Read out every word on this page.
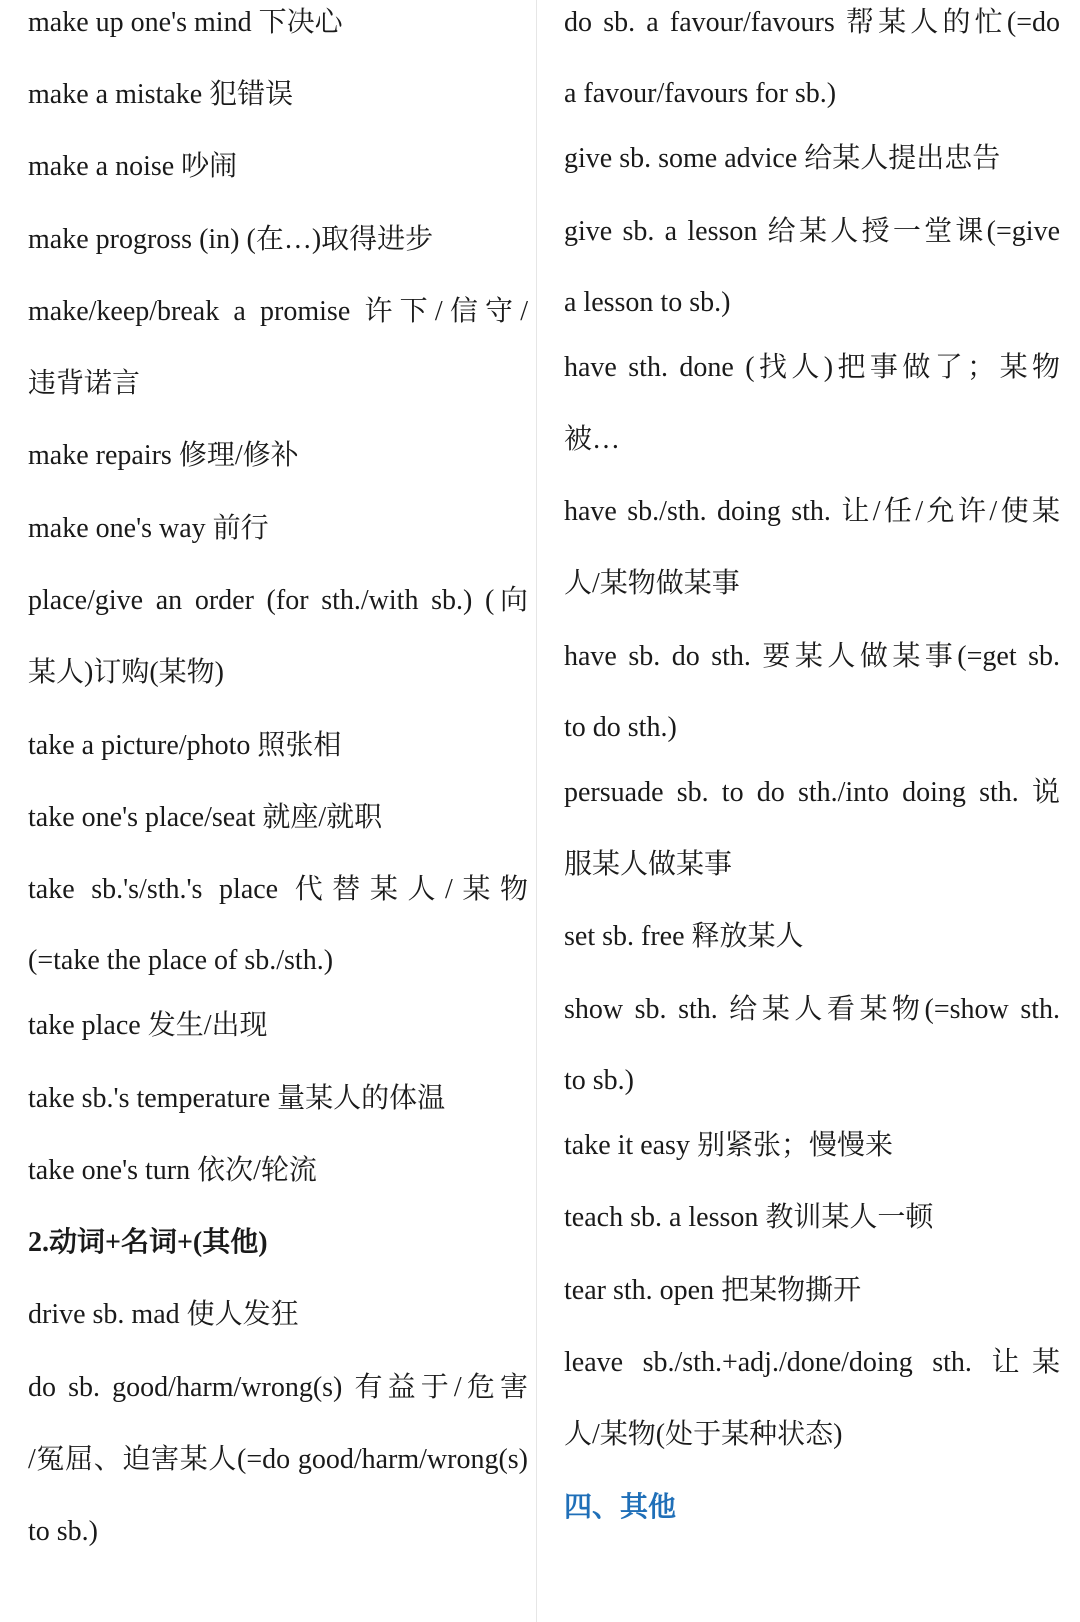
make up one's mind 下决心
make a mistake 犯错误
make a noise 吵闹
make progross (in) (在…)取得进步
make/keep/break a promise 许下/信守/
违背诺言
make repairs 修理/修补
make one's way 前行
place/give an order (for sth./with sb.) (向
某人)订购(某物)
take a picture/photo 照张相
take one's place/seat 就座/就职
take sb.'s/sth.'s place 代替某人/某物
(=take the place of sb./sth.)
take place 发生/出现
take sb.'s temperature 量某人的体温
take one's turn 依次/轮流
2.动词+名词+(其他)
drive sb. mad 使人发狂
do sb. good/harm/wrong(s) 有益于/危害
/冤屈、迫害某人(=do good/harm/wrong(s)
to sb.)
do sb. a favour/favours 帮某人的忙(=do
a favour/favours for sb.)
give sb. some advice 给某人提出忠告
give sb. a lesson 给某人授一堂课(=give
a lesson to sb.)
have sth. done (找人)把事做了；某物
被…
have sb./sth. doing sth. 让/任/允许/使某
人/某物做某事
have sb. do sth. 要某人做某事(=get sb.
to do sth.)
persuade sb. to do sth./into doing sth. 说
服某人做某事
set sb. free 释放某人
show sb. sth. 给某人看某物(=show sth.
to sb.)
take it easy 别紧张；慢慢来
teach sb. a lesson 教训某人一顿
tear sth. open 把某物撕开
leave sb./sth.+adj./done/doing sth. 让某
人/某物(处于某种状态)
四、其他
